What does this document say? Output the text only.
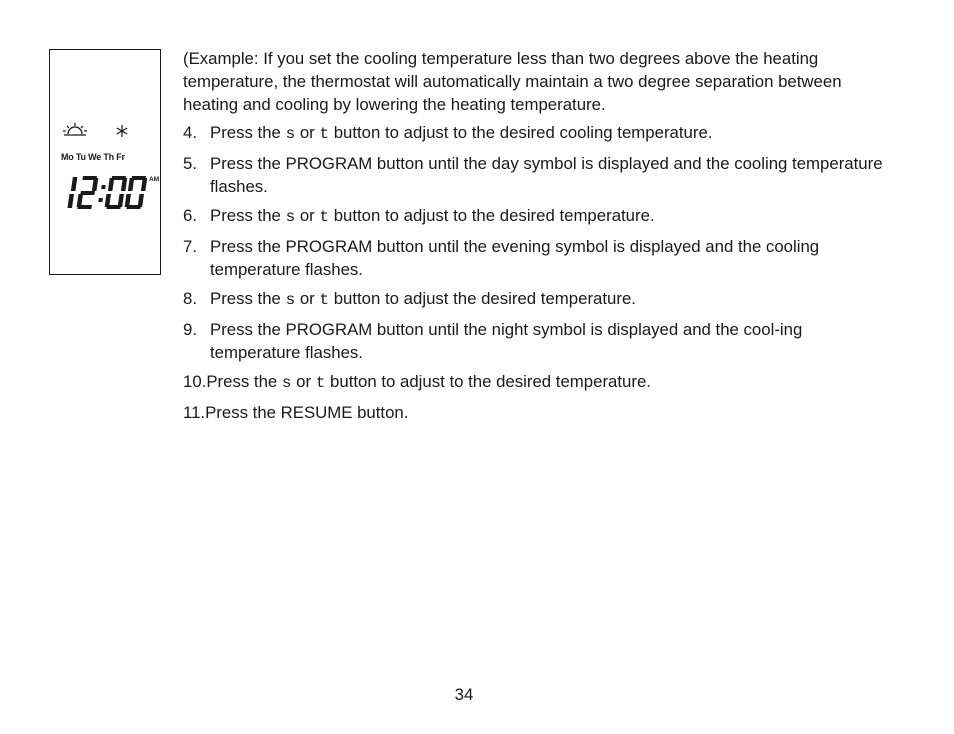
Mo Tu We Th Fr
AM

(Example: If you set the cooling temperature less than two degrees above the heating temperature, the thermostat will automatically maintain a two degree separation between heating and cooling by lowering the heating temperature.

4. Press the s or t button to adjust to the desired cooling temperature.

5. Press the PROGRAM button until the day symbol is displayed and the cooling temperature flashes.

6. Press the s or t button to adjust to the desired temperature.

7. Press the PROGRAM button until the evening symbol is displayed and the cooling temperature flashes.

8. Press the s or t button to adjust the desired temperature.

9. Press the PROGRAM button until the night symbol is displayed and the cool-ing temperature flashes.

10.Press the s or t button to adjust to the desired temperature.

11.Press the RESUME button.

34
